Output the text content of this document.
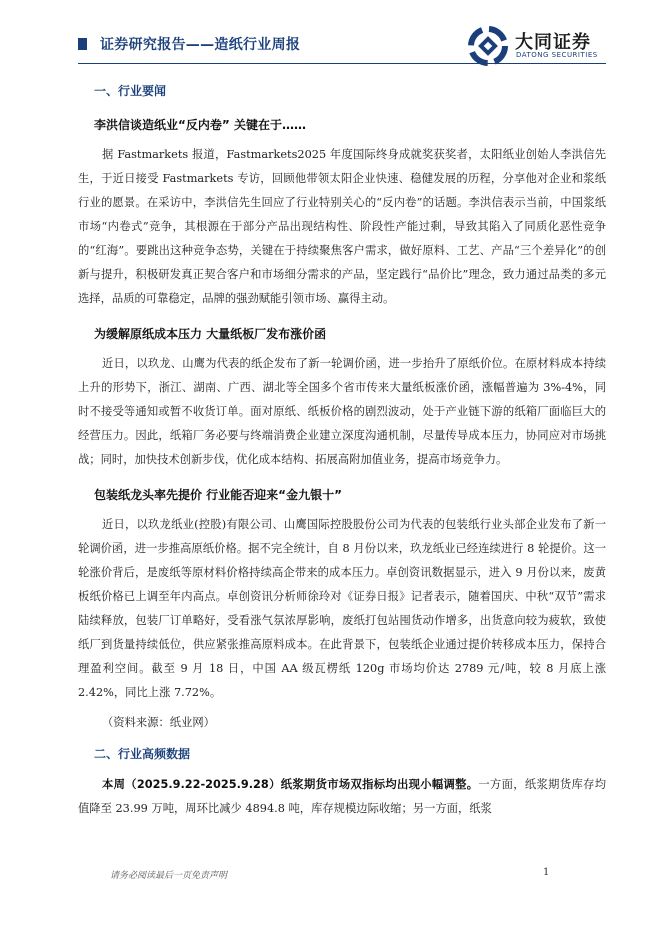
证券研究报告——造纸行业周报	大同证券
DATONG SECURITIES
一、行业要闻
李洪信谈造纸业“反内卷” 关键在于……

据 Fastmarkets 报道，Fastmarkets2025 年度国际终身成就奖获奖者，太阳纸业创始人李洪信先生，于近日接受 Fastmarkets 专访，回顾他带领太阳企业快速、稳健发展的历程，分享他对企业和浆纸行业的愿景。在采访中，李洪信先生回应了行业特别关心的“反内卷”的话题。李洪信表示当前，中国浆纸市场“内卷式”竞争，其根源在于部分产品出现结构性、阶段性产能过剩，导致其陷入了同质化恶性竞争的“红海”。要跳出这种竞争态势，关键在于持续聚焦客户需求，做好原料、工艺、产品“三个差异化”的创新与提升，积极研发真正契合客户和市场细分需求的产品，坚定践行“品价比”理念，致力通过品类的多元选择，品质的可靠稳定，品牌的强劲赋能引领市场、赢得主动。

为缓解原纸成本压力 大量纸板厂发布涨价函

近日，以玖龙、山鹰为代表的纸企发布了新一轮调价函，进一步抬升了原纸价位。在原材料成本持续上升的形势下，浙江、湖南、广西、湖北等全国多个省市传来大量纸板涨价函，涨幅普遍为 3%-4%，同时不接受等通知或暂不收货订单。面对原纸、纸板价格的剧烈波动，处于产业链下游的纸箱厂面临巨大的经营压力。因此，纸箱厂务必要与终端消费企业建立深度沟通机制，尽量传导成本压力，协同应对市场挑战；同时，加快技术创新步伐，优化成本结构、拓展高附加值业务，提高市场竞争力。

包装纸龙头率先提价 行业能否迎来“金九银十”

近日，以玖龙纸业(控股)有限公司、山鹰国际控股股份公司为代表的包装纸行业头部企业发布了新一轮调价函，进一步推高原纸价格。据不完全统计，自 8 月份以来，玖龙纸业已经连续进行 8 轮提价。这一轮涨价背后，是废纸等原材料价格持续高企带来的成本压力。卓创资讯数据显示，进入 9 月份以来，废黄板纸价格已上调至年内高点。卓创资讯分析师徐玲对《证券日报》记者表示，随着国庆、中秋“双节”需求陆续释放，包装厂订单略好，受看涨气氛浓厚影响，废纸打包站囤货动作增多，出货意向较为疲软，致使纸厂到货量持续低位，供应紧张推高原料成本。在此背景下，包装纸企业通过提价转移成本压力，保持合理盈利空间。截至 9 月 18 日，中国 AA 级瓦楞纸 120g 市场均价达 2789 元/吨，较 8 月底上涨 2.42%，同比上涨 7.72%。

（资料来源：纸业网）

二、行业高频数据

本周（2025.9.22-2025.9.28）纸浆期货市场双指标均出现小幅调整。一方面，纸浆期货库存均值降至 23.99 万吨，周环比减少 4894.8 吨，库存规模边际收缩；另一方面，纸浆

请务必阅读最后一页免责声明	1
